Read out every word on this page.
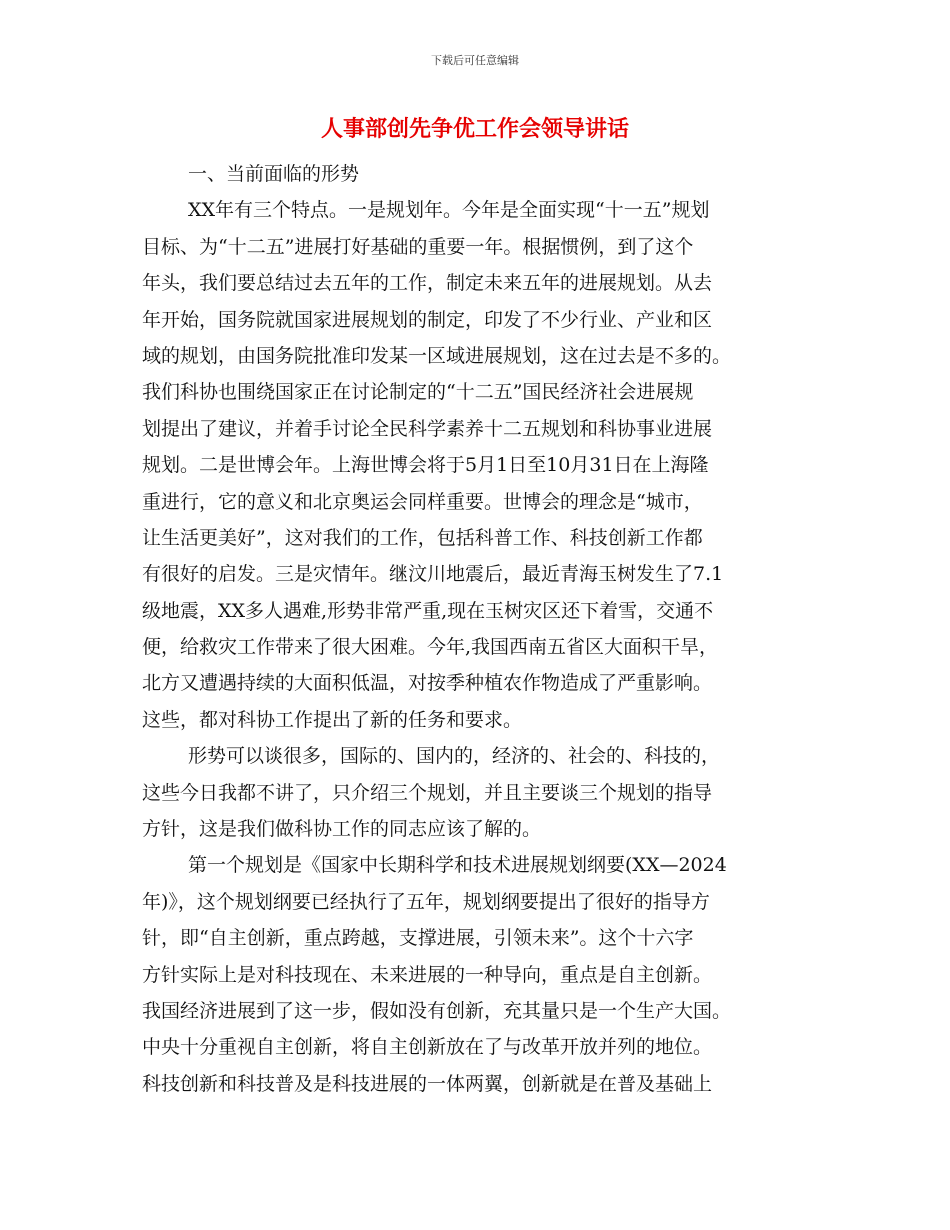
下载后可任意编辑
人事部创先争优工作会领导讲话
一、当前面临的形势
XX年有三个特点。一是规划年。今年是全面实现“十一五”规划
目标、为“十二五”进展打好基础的重要一年。根据惯例，到了这个
年头，我们要总结过去五年的工作，制定未来五年的进展规划。从去
年开始，国务院就国家进展规划的制定，印发了不少行业、产业和区
域的规划，由国务院批准印发某一区域进展规划，这在过去是不多的。
我们科协也围绕国家正在讨论制定的“十二五”国民经济社会进展规
划提出了建议，并着手讨论全民科学素养十二五规划和科协事业进展
规划。二是世博会年。上海世博会将于5月1日至10月31日在上海隆
重进行，它的意义和北京奥运会同样重要。世博会的理念是“城市，
让生活更美好”，这对我们的工作，包括科普工作、科技创新工作都
有很好的启发。三是灾情年。继汶川地震后，最近青海玉树发生了7.1
级地震，XX多人遇难,形势非常严重,现在玉树灾区还下着雪，交通不
便，给救灾工作带来了很大困难。今年,我国西南五省区大面积干旱，
北方又遭遇持续的大面积低温，对按季种植农作物造成了严重影响。
这些，都对科协工作提出了新的任务和要求。
形势可以谈很多，国际的、国内的，经济的、社会的、科技的，
这些今日我都不讲了，只介绍三个规划，并且主要谈三个规划的指导
方针，这是我们做科协工作的同志应该了解的。
第一个规划是《国家中长期科学和技术进展规划纲要(XX—2024
年)》，这个规划纲要已经执行了五年，规划纲要提出了很好的指导方
针，即“自主创新，重点跨越，支撑进展，引领未来”。这个十六字
方针实际上是对科技现在、未来进展的一种导向，重点是自主创新。
我国经济进展到了这一步，假如没有创新，充其量只是一个生产大国。
中央十分重视自主创新，将自主创新放在了与改革开放并列的地位。
科技创新和科技普及是科技进展的一体两翼，创新就是在普及基础上
